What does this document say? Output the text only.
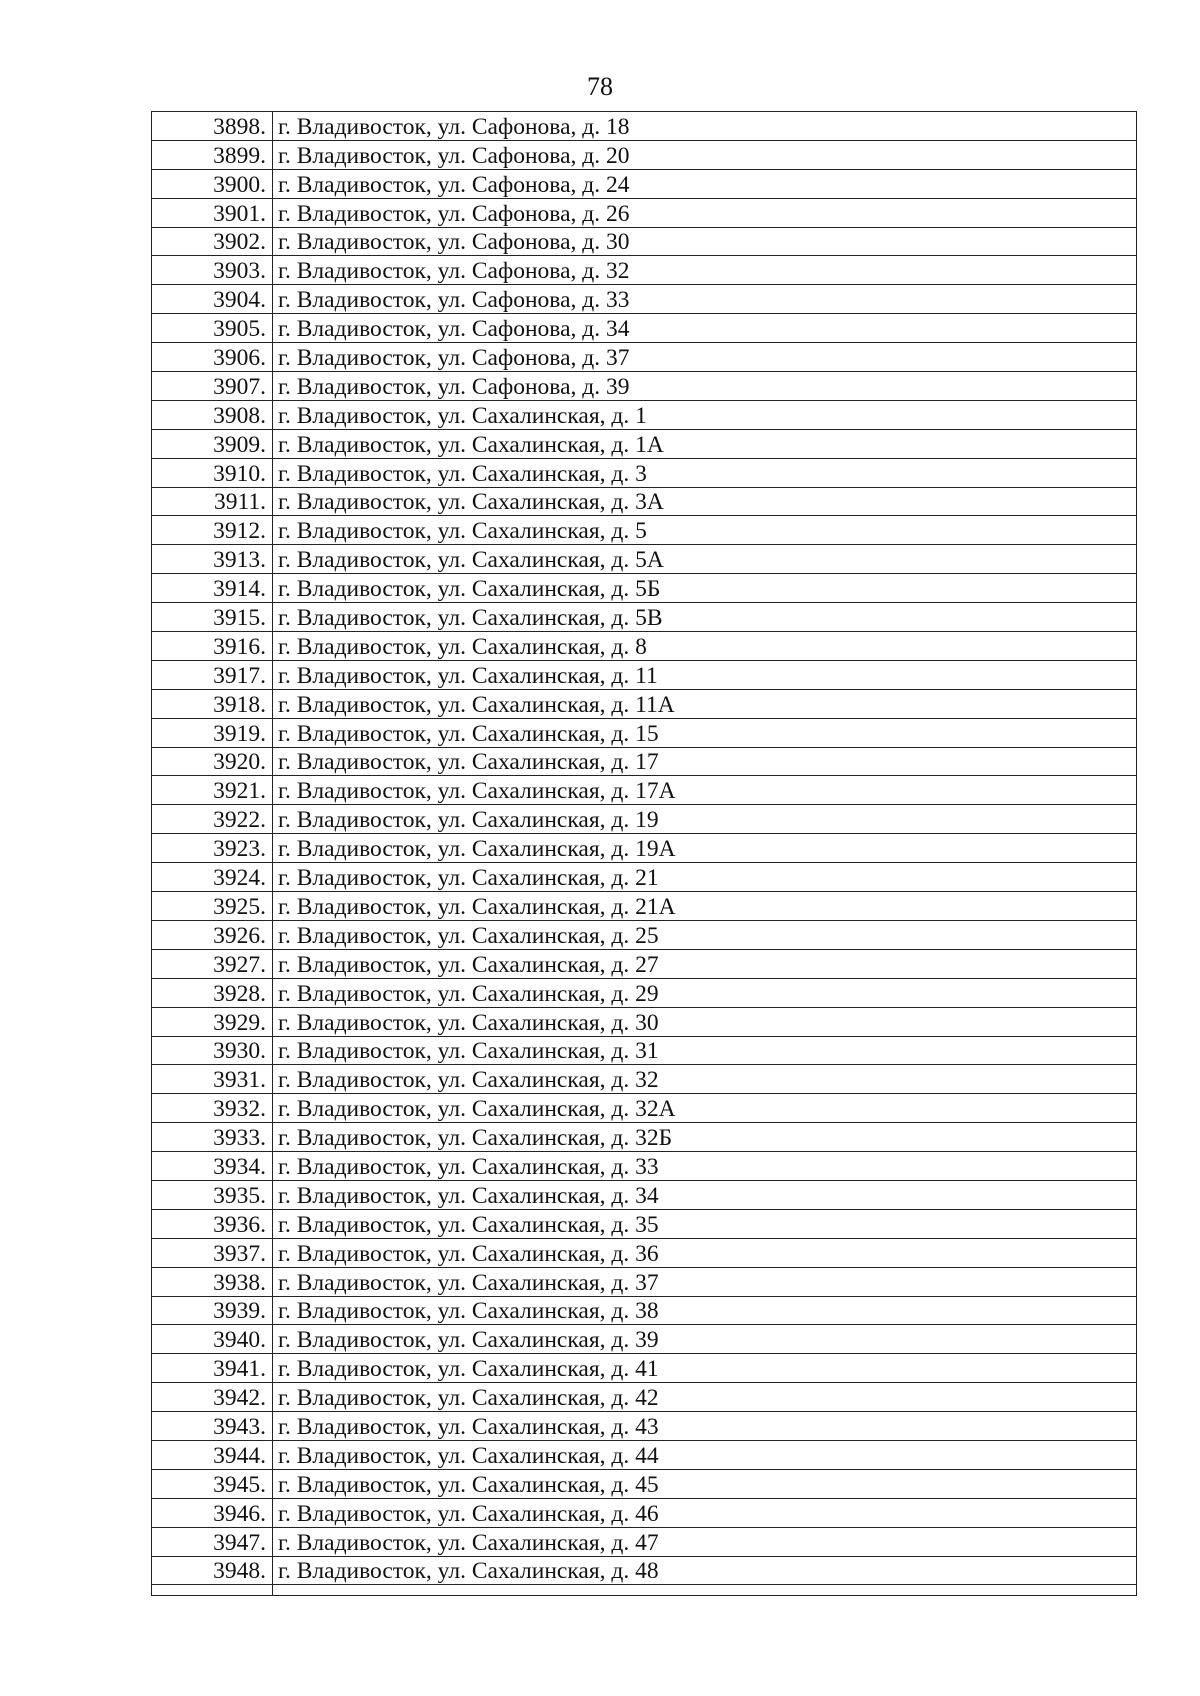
78
3898.	г. Владивосток, ул. Сафонова, д. 18
3899.	г. Владивосток, ул. Сафонова, д. 20
3900.	г. Владивосток, ул. Сафонова, д. 24
3901.	г. Владивосток, ул. Сафонова, д. 26
3902.	г. Владивосток, ул. Сафонова, д. 30
3903.	г. Владивосток, ул. Сафонова, д. 32
3904.	г. Владивосток, ул. Сафонова, д. 33
3905.	г. Владивосток, ул. Сафонова, д. 34
3906.	г. Владивосток, ул. Сафонова, д. 37
3907.	г. Владивосток, ул. Сафонова, д. 39
3908.	г. Владивосток, ул. Сахалинская, д. 1
3909.	г. Владивосток, ул. Сахалинская, д. 1А
3910.	г. Владивосток, ул. Сахалинская, д. 3
3911.	г. Владивосток, ул. Сахалинская, д. 3А
3912.	г. Владивосток, ул. Сахалинская, д. 5
3913.	г. Владивосток, ул. Сахалинская, д. 5А
3914.	г. Владивосток, ул. Сахалинская, д. 5Б
3915.	г. Владивосток, ул. Сахалинская, д. 5В
3916.	г. Владивосток, ул. Сахалинская, д. 8
3917.	г. Владивосток, ул. Сахалинская, д. 11
3918.	г. Владивосток, ул. Сахалинская, д. 11А
3919.	г. Владивосток, ул. Сахалинская, д. 15
3920.	г. Владивосток, ул. Сахалинская, д. 17
3921.	г. Владивосток, ул. Сахалинская, д. 17А
3922.	г. Владивосток, ул. Сахалинская, д. 19
3923.	г. Владивосток, ул. Сахалинская, д. 19А
3924.	г. Владивосток, ул. Сахалинская, д. 21
3925.	г. Владивосток, ул. Сахалинская, д. 21А
3926.	г. Владивосток, ул. Сахалинская, д. 25
3927.	г. Владивосток, ул. Сахалинская, д. 27
3928.	г. Владивосток, ул. Сахалинская, д. 29
3929.	г. Владивосток, ул. Сахалинская, д. 30
3930.	г. Владивосток, ул. Сахалинская, д. 31
3931.	г. Владивосток, ул. Сахалинская, д. 32
3932.	г. Владивосток, ул. Сахалинская, д. 32А
3933.	г. Владивосток, ул. Сахалинская, д. 32Б
3934.	г. Владивосток, ул. Сахалинская, д. 33
3935.	г. Владивосток, ул. Сахалинская, д. 34
3936.	г. Владивосток, ул. Сахалинская, д. 35
3937.	г. Владивосток, ул. Сахалинская, д. 36
3938.	г. Владивосток, ул. Сахалинская, д. 37
3939.	г. Владивосток, ул. Сахалинская, д. 38
3940.	г. Владивосток, ул. Сахалинская, д. 39
3941.	г. Владивосток, ул. Сахалинская, д. 41
3942.	г. Владивосток, ул. Сахалинская, д. 42
3943.	г. Владивосток, ул. Сахалинская, д. 43
3944.	г. Владивосток, ул. Сахалинская, д. 44
3945.	г. Владивосток, ул. Сахалинская, д. 45
3946.	г. Владивосток, ул. Сахалинская, д. 46
3947.	г. Владивосток, ул. Сахалинская, д. 47
3948.	г. Владивосток, ул. Сахалинская, д. 48
